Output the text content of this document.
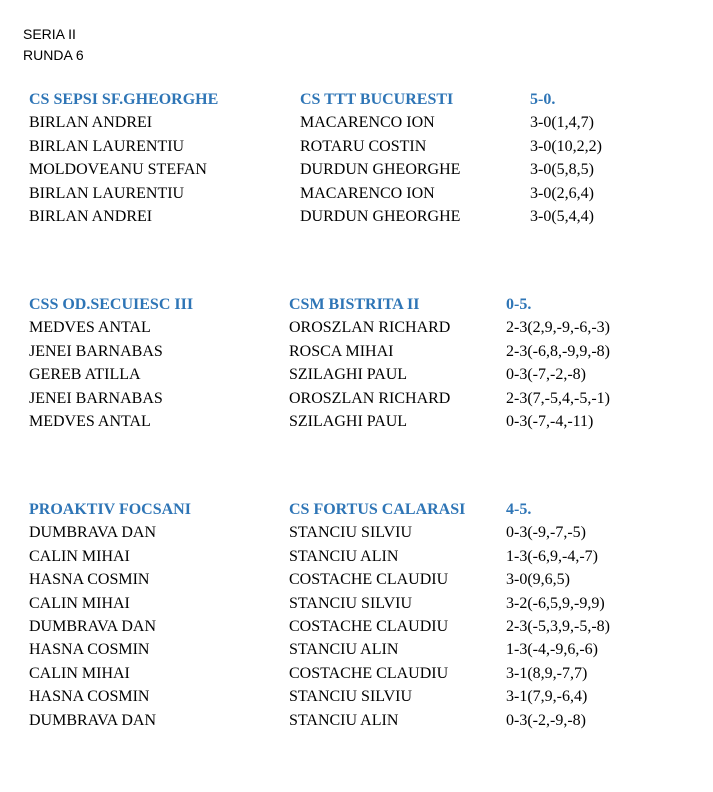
SERIA II
RUNDA 6
CS SEPSI SF.GHEORGHE	CS TTT BUCURESTI	5-0.
BIRLAN ANDREI	MACARENCO ION	3-0(1,4,7)
BIRLAN LAURENTIU	ROTARU COSTIN	3-0(10,2,2)
MOLDOVEANU STEFAN	DURDUN GHEORGHE	3-0(5,8,5)
BIRLAN LAURENTIU	MACARENCO ION	3-0(2,6,4)
BIRLAN ANDREI	DURDUN GHEORGHE	3-0(5,4,4)
CSS OD.SECUIESC III	CSM BISTRITA II	0-5.
MEDVES ANTAL	OROSZLAN RICHARD	2-3(2,9,-9,-6,-3)
JENEI BARNABAS	ROSCA MIHAI	2-3(-6,8,-9,9,-8)
GEREB ATILLA	SZILAGHI PAUL	0-3(-7,-2,-8)
JENEI BARNABAS	OROSZLAN RICHARD	2-3(7,-5,4,-5,-1)
MEDVES ANTAL	SZILAGHI PAUL	0-3(-7,-4,-11)
PROAKTIV FOCSANI	CS FORTUS CALARASI	4-5.
DUMBRAVA DAN	STANCIU SILVIU	0-3(-9,-7,-5)
CALIN MIHAI	STANCIU ALIN	1-3(-6,9,-4,-7)
HASNA COSMIN	COSTACHE CLAUDIU	3-0(9,6,5)
CALIN MIHAI	STANCIU SILVIU	3-2(-6,5,9,-9,9)
DUMBRAVA DAN	COSTACHE CLAUDIU	2-3(-5,3,9,-5,-8)
HASNA COSMIN	STANCIU ALIN	1-3(-4,-9,6,-6)
CALIN MIHAI	COSTACHE CLAUDIU	3-1(8,9,-7,7)
HASNA COSMIN	STANCIU SILVIU	3-1(7,9,-6,4)
DUMBRAVA DAN	STANCIU ALIN	0-3(-2,-9,-8)
